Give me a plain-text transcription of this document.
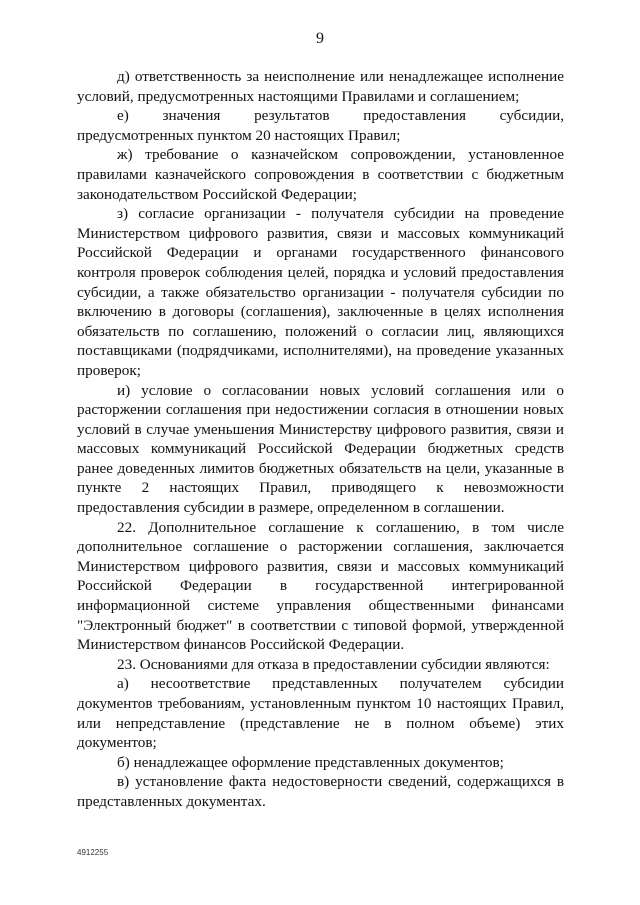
9

д) ответственность за неисполнение или ненадлежащее исполнение условий, предусмотренных настоящими Правилами и соглашением;

е) значения результатов предоставления субсидии, предусмотренных пунктом 20 настоящих Правил;

ж) требование о казначейском сопровождении, установленное правилами казначейского сопровождения в соответствии с бюджетным законодательством Российской Федерации;

з) согласие организации - получателя субсидии на проведение Министерством цифрового развития, связи и массовых коммуникаций Российской Федерации и органами государственного финансового контроля проверок соблюдения целей, порядка и условий предоставления субсидии, а также обязательство организации - получателя субсидии по включению в договоры (соглашения), заключенные в целях исполнения обязательств по соглашению, положений о согласии лиц, являющихся поставщиками (подрядчиками, исполнителями), на проведение указанных проверок;

и) условие о согласовании новых условий соглашения или о расторжении соглашения при недостижении согласия в отношении новых условий в случае уменьшения Министерству цифрового развития, связи и массовых коммуникаций Российской Федерации бюджетных средств ранее доведенных лимитов бюджетных обязательств на цели, указанные в пункте 2 настоящих Правил, приводящего к невозможности предоставления субсидии в размере, определенном в соглашении.

22. Дополнительное соглашение к соглашению, в том числе дополнительное соглашение о расторжении соглашения, заключается Министерством цифрового развития, связи и массовых коммуникаций Российской Федерации в государственной интегрированной информационной системе управления общественными финансами "Электронный бюджет" в соответствии с типовой формой, утвержденной Министерством финансов Российской Федерации.

23. Основаниями для отказа в предоставлении субсидии являются:

а) несоответствие представленных получателем субсидии документов требованиям, установленным пунктом 10 настоящих Правил, или непредставление (представление не в полном объеме) этих документов;

б) ненадлежащее оформление представленных документов;

в) установление факта недостоверности сведений, содержащихся в представленных документах.

4912255
